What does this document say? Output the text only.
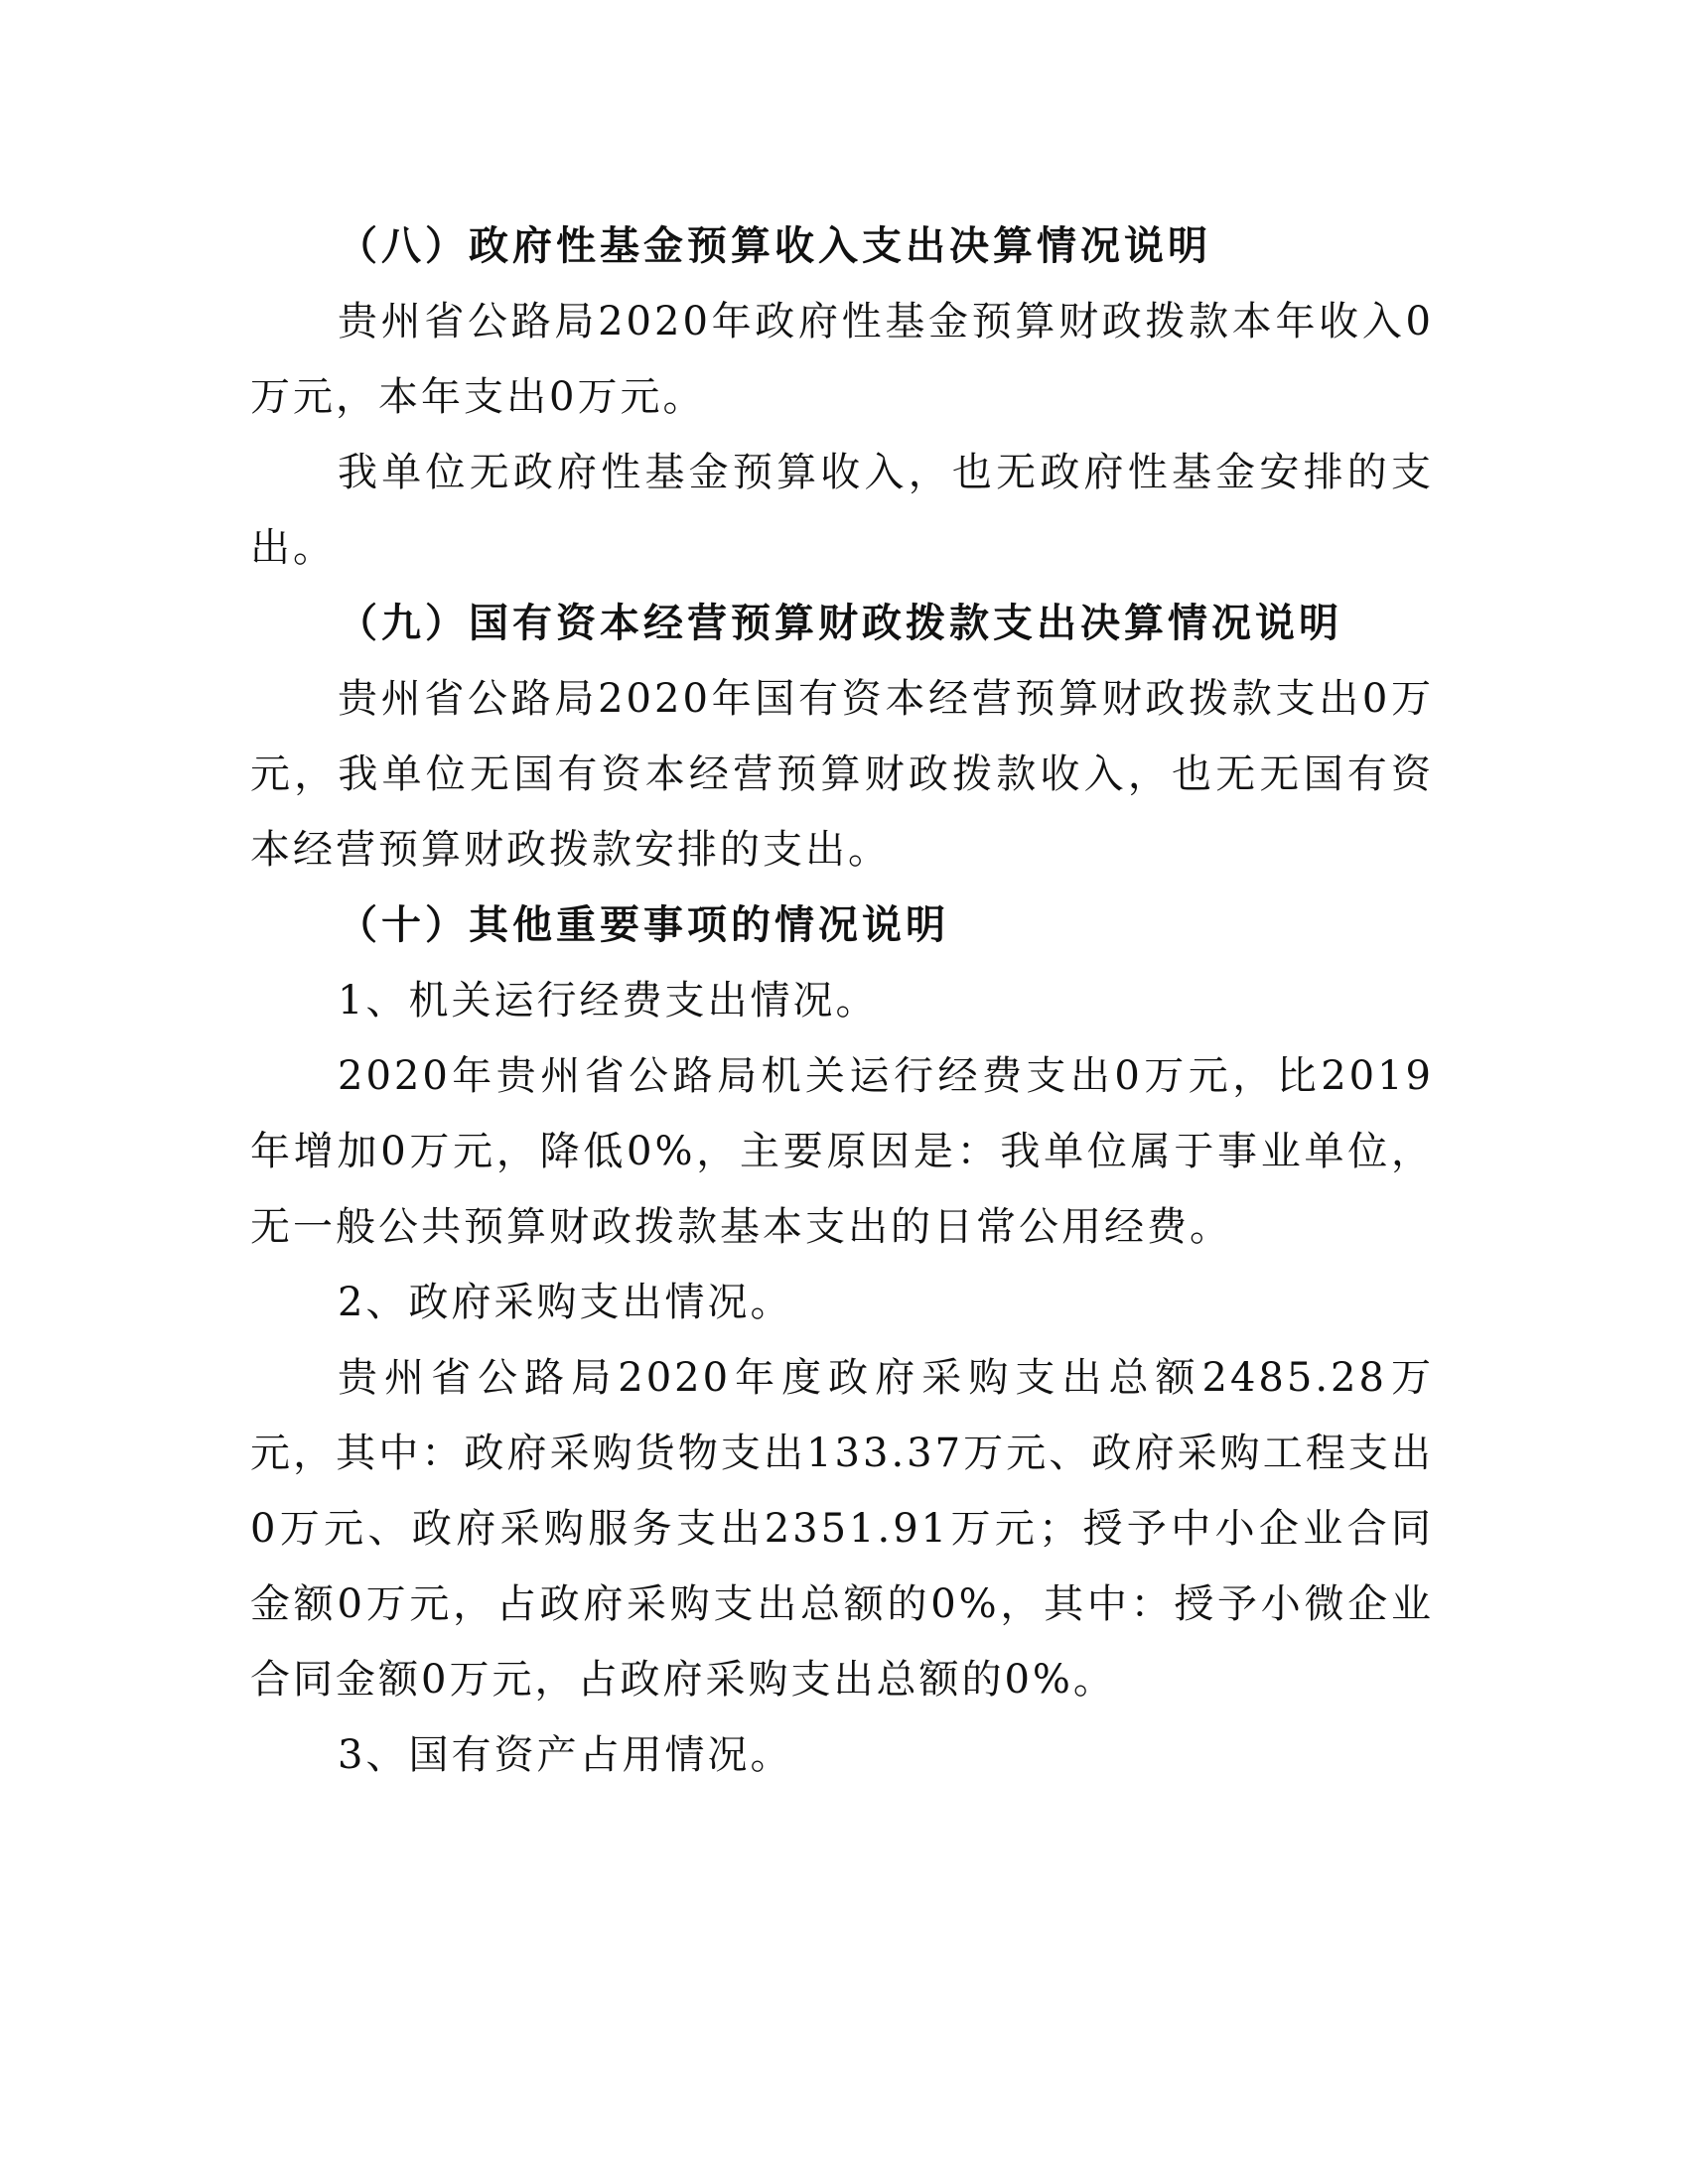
（八）政府性基金预算收入支出决算情况说明

贵州省公路局2020年政府性基金预算财政拨款本年收入0万元，本年支出0万元。

我单位无政府性基金预算收入，也无政府性基金安排的支出。

（九）国有资本经营预算财政拨款支出决算情况说明

贵州省公路局2020年国有资本经营预算财政拨款支出0万元，我单位无国有资本经营预算财政拨款收入，也无无国有资本经营预算财政拨款安排的支出。

（十）其他重要事项的情况说明

1、机关运行经费支出情况。

2020年贵州省公路局机关运行经费支出0万元，比2019年增加0万元，降低0%，主要原因是：我单位属于事业单位，无一般公共预算财政拨款基本支出的日常公用经费。

2、政府采购支出情况。

贵州省公路局2020年度政府采购支出总额2485.28万元，其中：政府采购货物支出133.37万元、政府采购工程支出0万元、政府采购服务支出2351.91万元；授予中小企业合同金额0万元，占政府采购支出总额的0%，其中：授予小微企业合同金额0万元，占政府采购支出总额的0%。

3、国有资产占用情况。
